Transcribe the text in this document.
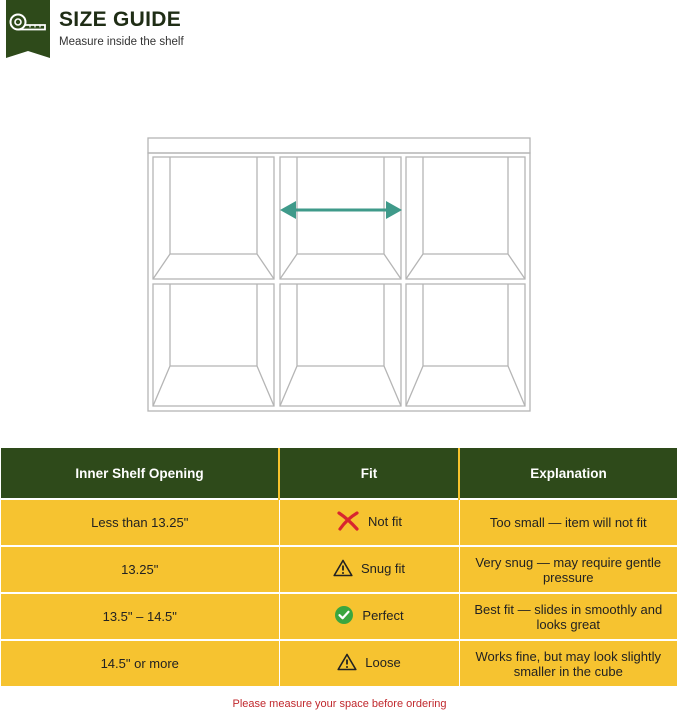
SIZE GUIDE
Measure inside the shelf
Inner Shelf Opening	Fit	Explanation
Less than 13.25"	Not fit	Too small — item will not fit
13.25"	Snug fit	Very snug — may require gentle pressure
13.5" – 14.5"	Perfect	Best fit — slides in smoothly and looks great
14.5" or more	Loose	Works fine, but may look slightly smaller in the cube
Please measure your space before ordering
